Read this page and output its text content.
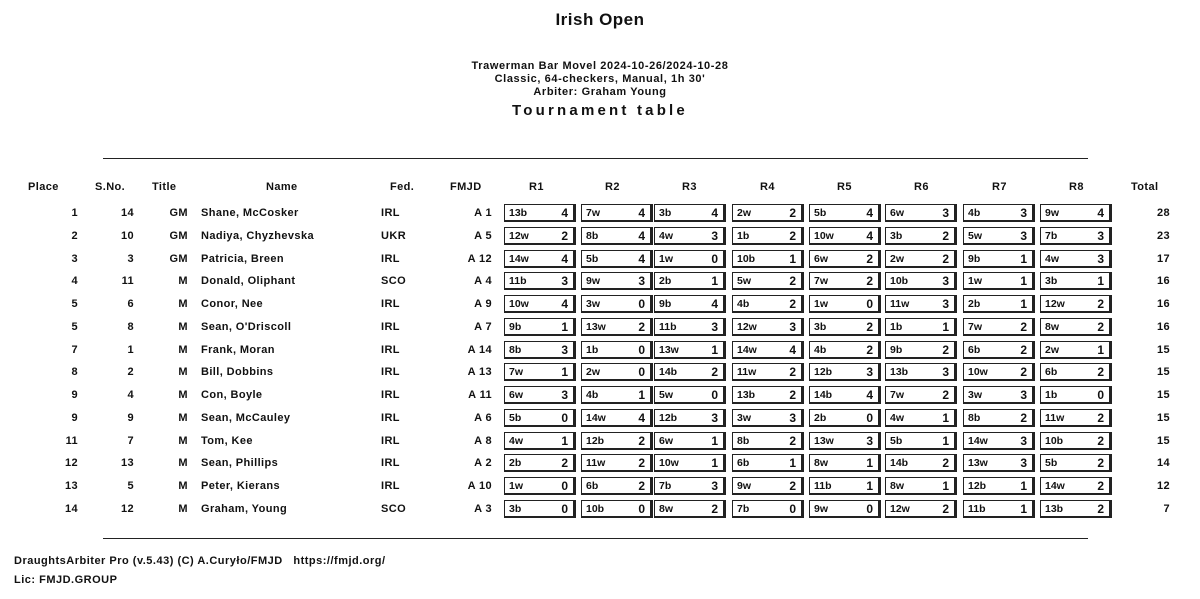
Irish Open
Trawerman Bar Movel 2024-10-26/2024-10-28
Classic, 64-checkers, Manual, 1h 30'
Arbiter: Graham Young
Tournament table
Place	S.No. Title	Name	Fed.	FMJD	R1	R2	R3	R4	R5	R6	R7	R8	Total
1	14	GM Shane, McCosker	IRL	A 1 13b	4 7w	4 3b	4 2w	2 5b	4 6w	3 4b	3 9w	4	28
2	10	GM Nadiya, Chyzhevska	UKR	A 5 12w	2 8b	4 4w	3 1b	2 10w	4 3b	2 5w	3 7b	3	23
3	3	GM Patricia, Breen	IRL	A 12 14w	4 5b	4 1w	0 10b	1 6w	2 2w	2 9b	1 4w	3	17
4	11	M Donald, Oliphant	SCO	A 4 11b	3 9w	3 2b	1 5w	2 7w	2 10b	3 1w	1 3b	1	16
5	6	M Conor, Nee	IRL	A 9 10w	4 3w	0 9b	4 4b	2 1w	0 11w	3 2b	1 12w	2	16
5	8	M Sean, O'Driscoll	IRL	A 7 9b	1 13w	2 11b	3 12w	3 3b	2 1b	1 7w	2 8w	2	16
7	1	M Frank, Moran	IRL	A 14 8b	3 1b	0 13w	1 14w	4 4b	2 9b	2 6b	2 2w	1	15
8	2	M Bill, Dobbins	IRL	A 13 7w	1 2w	0 14b	2 11w	2 12b	3 13b	3 10w	2 6b	2	15
9	4	M Con, Boyle	IRL	A 11 6w	3 4b	1 5w	0 13b	2 14b	4 7w	2 3w	3 1b	0	15
9	9	M Sean, McCauley	IRL	A 6 5b	0 14w	4 12b	3 3w	3 2b	0 4w	1 8b	2 11w	2	15
11	7	M Tom, Kee	IRL	A 8 4w	1 12b	2 6w	1 8b	2 13w	3 5b	1 14w	3 10b	2	15
12	13	M Sean, Phillips	IRL	A 2 2b	2 11w	2 10w	1 6b	1 8w	1 14b	2 13w	3 5b	2	14
13	5	M Peter, Kierans	IRL	A 10 1w	0 6b	2 7b	3 9w	2 11b	1 8w	1 12b	1 14w	2	12
14	12	M Graham, Young	SCO	A 3 3b	0 10b	0 8w	2 7b	0 9w	0 12w	2 11b	1 13b	2	7
DraughtsArbiter Pro (v.5.43) (C) A.Curyło/FMJD https://fmjd.org/
Lic: FMJD.GROUP
